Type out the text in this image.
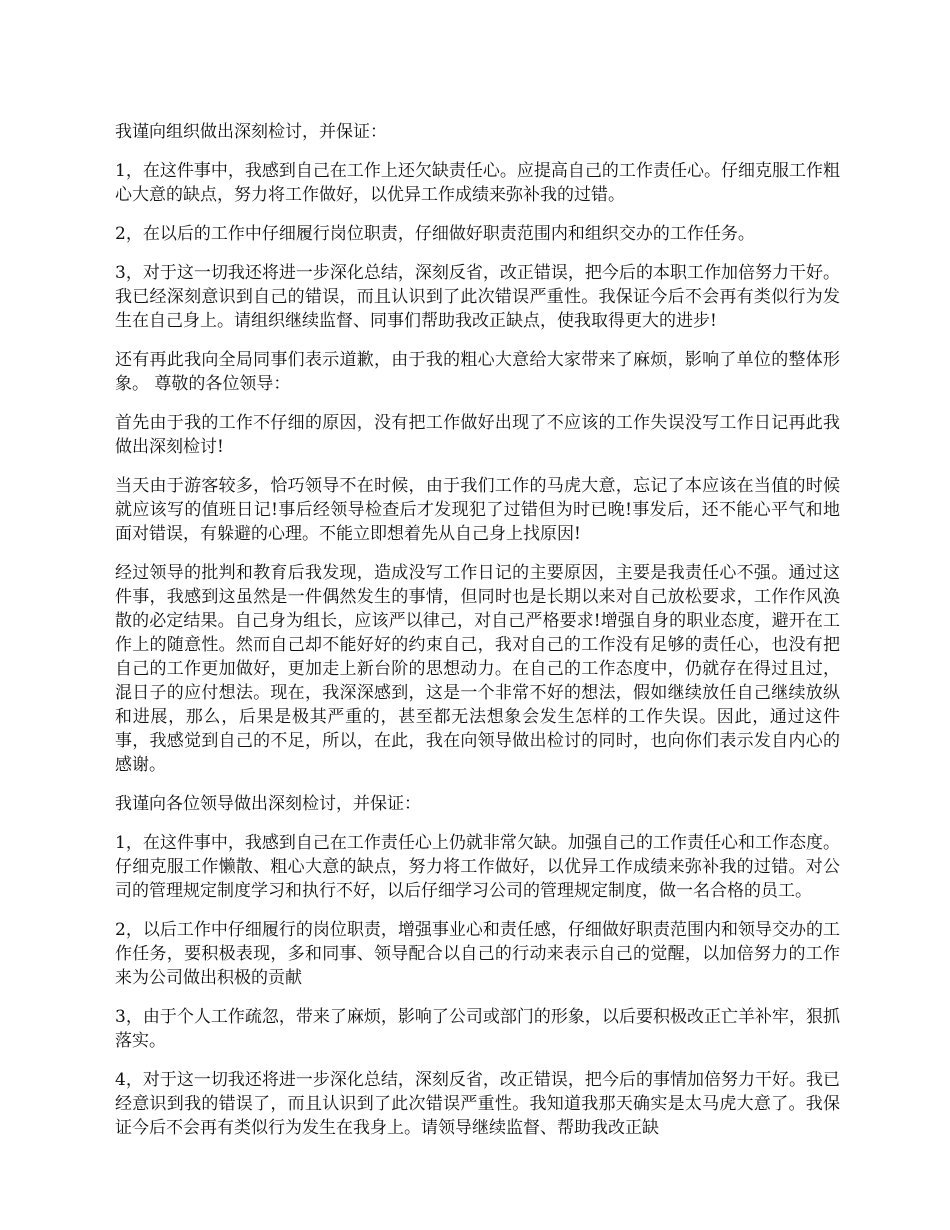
我谨向组织做出深刻检讨，并保证：

1，在这件事中，我感到自己在工作上还欠缺责任心。应提高自己的工作责任心。仔细克服工作粗心大意的缺点，努力将工作做好，以优异工作成绩来弥补我的过错。

2，在以后的工作中仔细履行岗位职责，仔细做好职责范围内和组织交办的工作任务。

3，对于这一切我还将进一步深化总结，深刻反省，改正错误，把今后的本职工作加倍努力干好。我已经深刻意识到自己的错误，而且认识到了此次错误严重性。我保证今后不会再有类似行为发生在自己身上。请组织继续监督、同事们帮助我改正缺点，使我取得更大的进步!

还有再此我向全局同事们表示道歉，由于我的粗心大意给大家带来了麻烦，影响了单位的整体形象。 尊敬的各位领导：

首先由于我的工作不仔细的原因，没有把工作做好出现了不应该的工作失误没写工作日记再此我做出深刻检讨!

当天由于游客较多，恰巧领导不在时候，由于我们工作的马虎大意，忘记了本应该在当值的时候就应该写的值班日记!事后经领导检查后才发现犯了过错但为时已晚!事发后，还不能心平气和地面对错误，有躲避的心理。不能立即想着先从自己身上找原因!

经过领导的批判和教育后我发现，造成没写工作日记的主要原因，主要是我责任心不强。通过这件事，我感到这虽然是一件偶然发生的事情，但同时也是长期以来对自己放松要求，工作作风涣散的必定结果。自己身为组长，应该严以律己，对自己严格要求!增强自身的职业态度，避开在工作上的随意性。然而自己却不能好好的约束自己，我对自己的工作没有足够的责任心，也没有把自己的工作更加做好，更加走上新台阶的思想动力。在自己的工作态度中，仍就存在得过且过，混日子的应付想法。现在，我深深感到，这是一个非常不好的想法，假如继续放任自己继续放纵和进展，那么，后果是极其严重的，甚至都无法想象会发生怎样的工作失误。因此，通过这件事，我感觉到自己的不足，所以，在此，我在向领导做出检讨的同时，也向你们表示发自内心的感谢。

我谨向各位领导做出深刻检讨，并保证：

1，在这件事中，我感到自己在工作责任心上仍就非常欠缺。加强自己的工作责任心和工作态度。仔细克服工作懒散、粗心大意的缺点，努力将工作做好，以优异工作成绩来弥补我的过错。对公司的管理规定制度学习和执行不好，以后仔细学习公司的管理规定制度，做一名合格的员工。

2，以后工作中仔细履行的岗位职责，增强事业心和责任感，仔细做好职责范围内和领导交办的工作任务，要积极表现，多和同事、领导配合以自己的行动来表示自己的觉醒，以加倍努力的工作来为公司做出积极的贡献

3，由于个人工作疏忽，带来了麻烦，影响了公司或部门的形象，以后要积极改正亡羊补牢，狠抓落实。

4，对于这一切我还将进一步深化总结，深刻反省，改正错误，把今后的事情加倍努力干好。我已经意识到我的错误了，而且认识到了此次错误严重性。我知道我那天确实是太马虎大意了。我保证今后不会再有类似行为发生在我身上。请领导继续监督、帮助我改正缺
